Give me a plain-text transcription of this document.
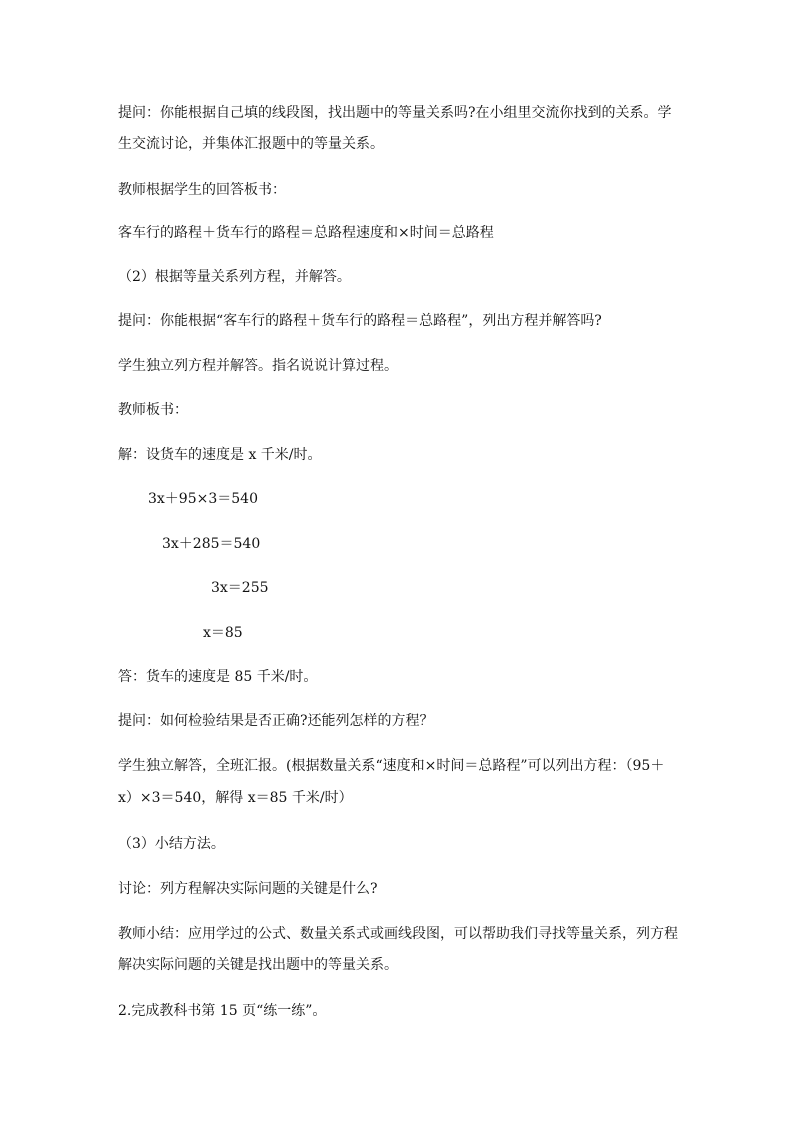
提问：你能根据自己填的线段图，找出题中的等量关系吗?在小组里交流你找到的关系。学
生交流讨论，并集体汇报题中的等量关系。
教师根据学生的回答板书：
客车行的路程＋货车行的路程＝总路程速度和×时间＝总路程
（2）根据等量关系列方程，并解答。
提问：你能根据“客车行的路程＋货车行的路程＝总路程”，列出方程并解答吗?
学生独立列方程并解答。指名说说计算过程。
教师板书：
解：设货车的速度是 x 千米/时。
3x＋95×3＝540
3x＋285＝540
3x＝255
x＝85
答：货车的速度是 85 千米/时。
提问：如何检验结果是否正确?还能列怎样的方程？
学生独立解答，全班汇报。(根据数量关系“速度和×时间＝总路程”可以列出方程：（95＋
x）×3＝540，解得 x＝85 千米/时）
（3）小结方法。
讨论：列方程解决实际问题的关键是什么?
教师小结：应用学过的公式、数量关系式或画线段图，可以帮助我们寻找等量关系，列方程
解决实际问题的关键是找出题中的等量关系。
2.完成教科书第 15 页“练一练”。
